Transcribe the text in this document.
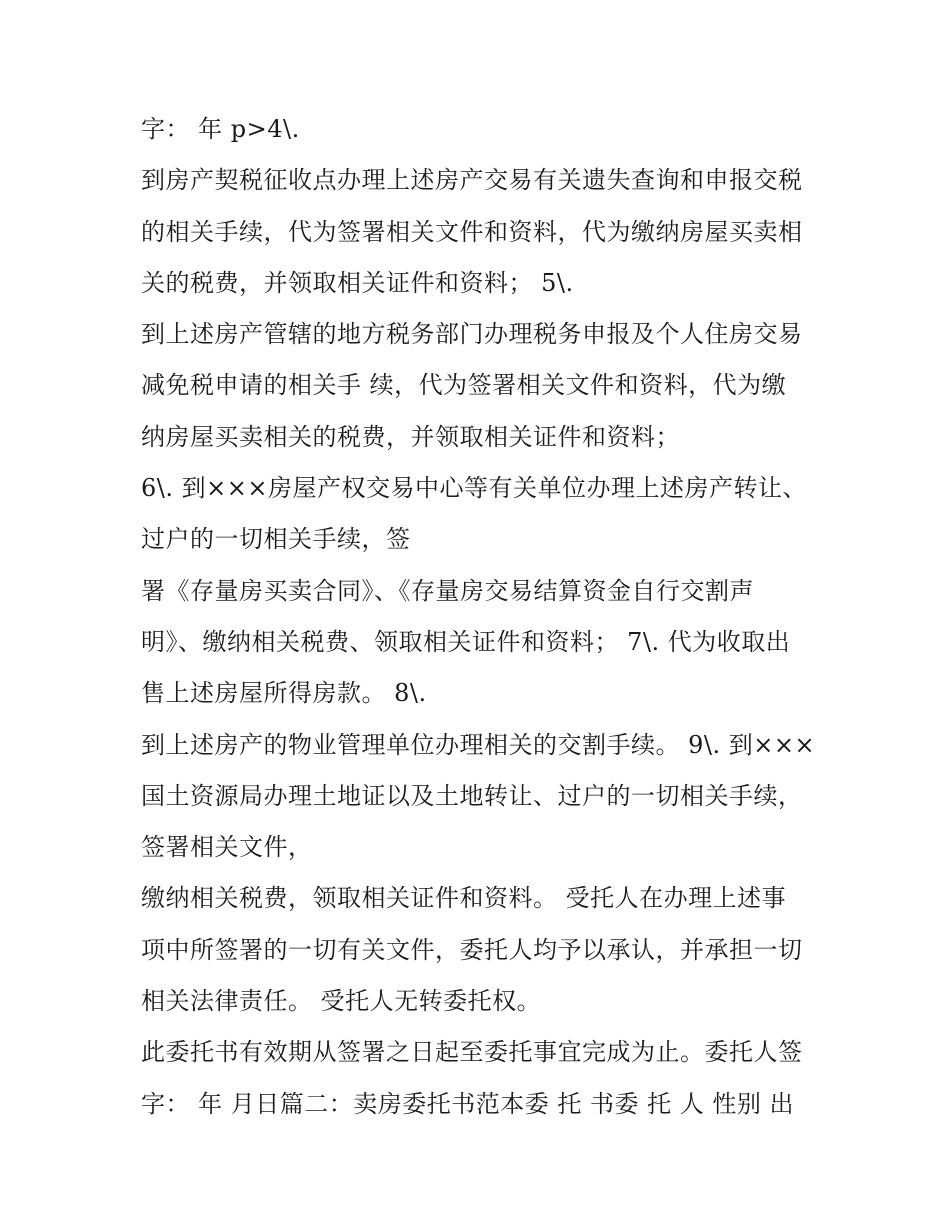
字： 年 p>4\.
到房产契税征收点办理上述房产交易有关遗失查询和申报交税
的相关手续，代为签署相关文件和资料，代为缴纳房屋买卖相
关的税费，并领取相关证件和资料； 5\.
到上述房产管辖的地方税务部门办理税务申报及个人住房交易
减免税申请的相关手 续，代为签署相关文件和资料，代为缴
纳房屋买卖相关的税费，并领取相关证件和资料；
6\. 到×××房屋产权交易中心等有关单位办理上述房产转让、
过户的一切相关手续，签
署《存量房买卖合同》、《存量房交易结算资金自行交割声
明》、缴纳相关税费、领取相关证件和资料； 7\. 代为收取出
售上述房屋所得房款。 8\.
到上述房产的物业管理单位办理相关的交割手续。 9\. 到×××
国土资源局办理土地证以及土地转让、过户的一切相关手续，
签署相关文件，
缴纳相关税费，领取相关证件和资料。 受托人在办理上述事
项中所签署的一切有关文件，委托人均予以承认，并承担一切
相关法律责任。 受托人无转委托权。
此委托书有效期从签署之日起至委托事宜完成为止。委托人签
字： 年 月日篇二：卖房委托书范本委 托 书委 托 人 性别 出
